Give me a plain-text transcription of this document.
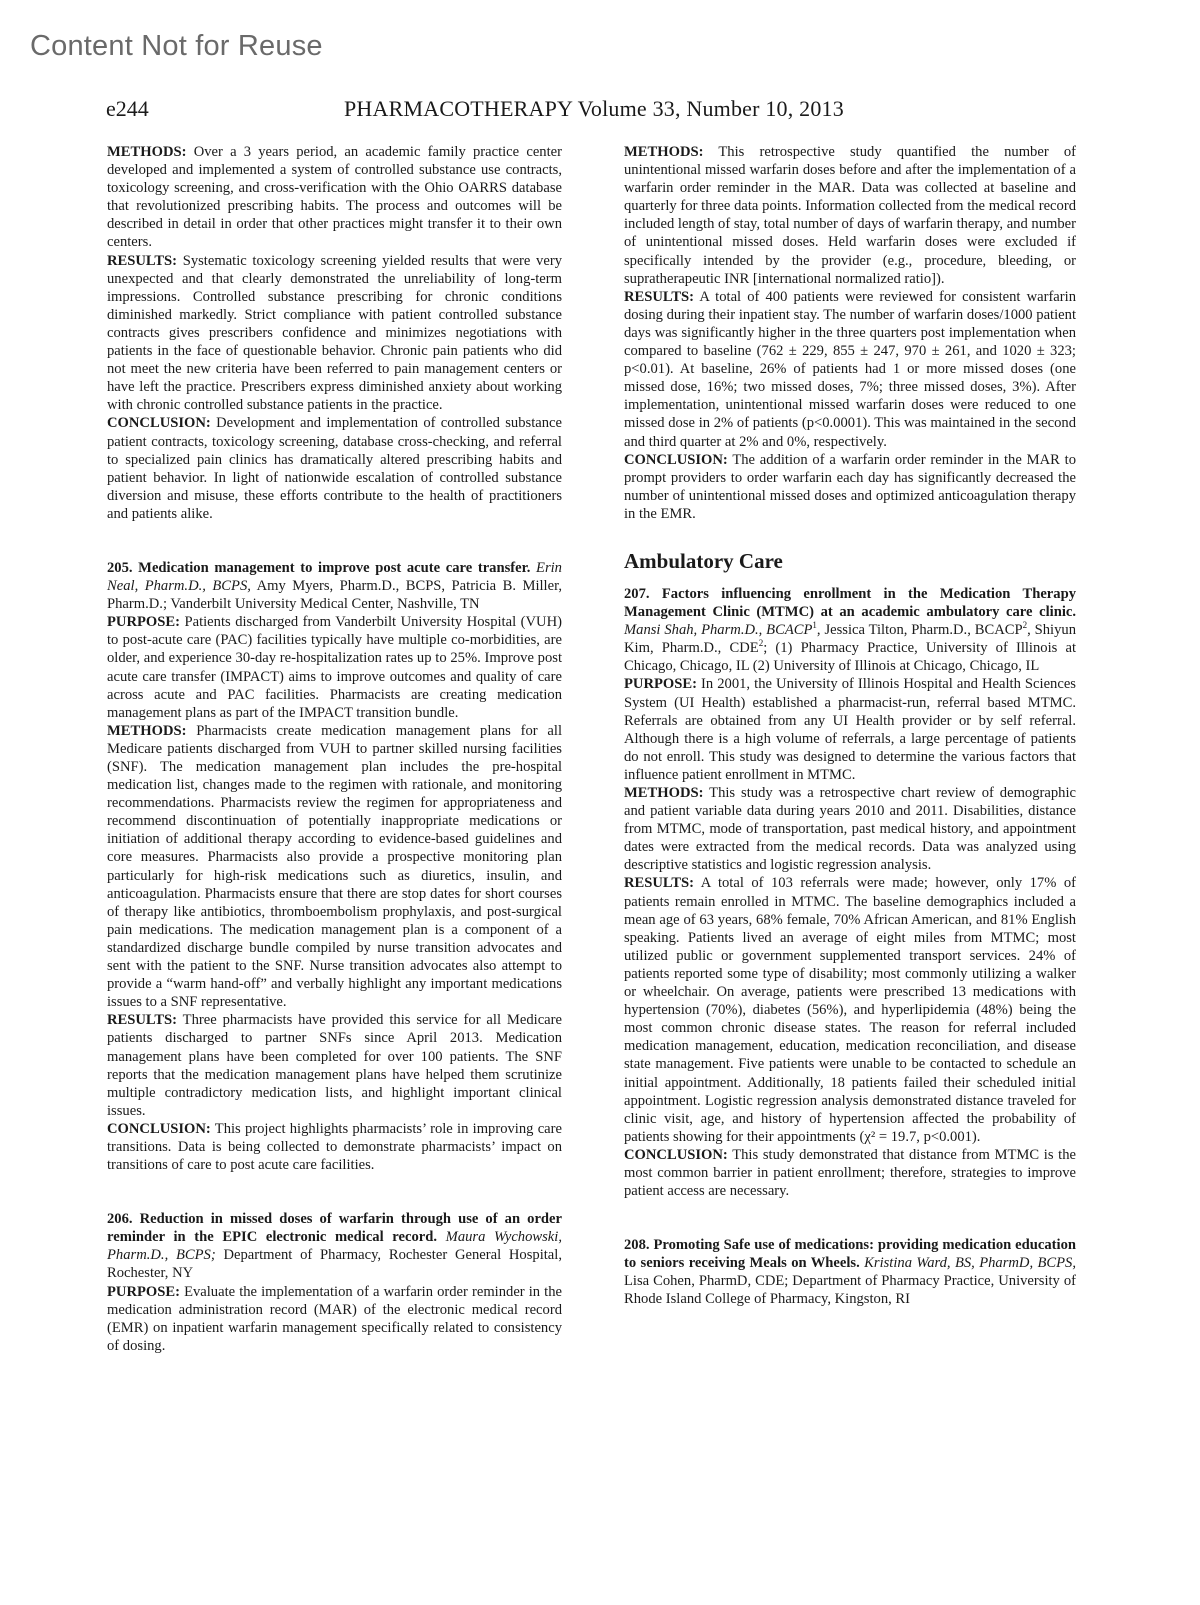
Content Not for Reuse
e244	PHARMACOTHERAPY Volume 33, Number 10, 2013

METHODS: Over a 3 years period, an academic family practice center developed and implemented a system of controlled substance use contracts, toxicology screening, and cross-verification with the Ohio OARRS database that revolutionized prescribing habits. The process and outcomes will be described in detail in order that other practices might transfer it to their own centers.

RESULTS: Systematic toxicology screening yielded results that were very unexpected and that clearly demonstrated the unreliability of long-term impressions. Controlled substance prescribing for chronic conditions diminished markedly. Strict compliance with patient controlled substance contracts gives prescribers confidence and minimizes negotiations with patients in the face of questionable behavior. Chronic pain patients who did not meet the new criteria have been referred to pain management centers or have left the practice. Prescribers express diminished anxiety about working with chronic controlled substance patients in the practice.

CONCLUSION: Development and implementation of controlled substance patient contracts, toxicology screening, database cross-checking, and referral to specialized pain clinics has dramatically altered prescribing habits and patient behavior. In light of nationwide escalation of controlled substance diversion and misuse, these efforts contribute to the health of practitioners and patients alike.

205. Medication management to improve post acute care transfer. Erin Neal, Pharm.D., BCPS, Amy Myers, Pharm.D., BCPS, Patricia B. Miller, Pharm.D.; Vanderbilt University Medical Center, Nashville, TN

PURPOSE: Patients discharged from Vanderbilt University Hospital (VUH) to post-acute care (PAC) facilities typically have multiple co-morbidities, are older, and experience 30-day re-hospitalization rates up to 25%. Improve post acute care transfer (IMPACT) aims to improve outcomes and quality of care across acute and PAC facilities. Pharmacists are creating medication management plans as part of the IMPACT transition bundle.

METHODS: Pharmacists create medication management plans for all Medicare patients discharged from VUH to partner skilled nursing facilities (SNF). The medication management plan includes the pre-hospital medication list, changes made to the regimen with rationale, and monitoring recommendations. Pharmacists review the regimen for appropriateness and recommend discontinuation of potentially inappropriate medications or initiation of additional therapy according to evidence-based guidelines and core measures. Pharmacists also provide a prospective monitoring plan particularly for high-risk medications such as diuretics, insulin, and anticoagulation. Pharmacists ensure that there are stop dates for short courses of therapy like antibiotics, thromboembolism prophylaxis, and post-surgical pain medications. The medication management plan is a component of a standardized discharge bundle compiled by nurse transition advocates and sent with the patient to the SNF. Nurse transition advocates also attempt to provide a “warm hand-off” and verbally highlight any important medications issues to a SNF representative.

RESULTS: Three pharmacists have provided this service for all Medicare patients discharged to partner SNFs since April 2013. Medication management plans have been completed for over 100 patients. The SNF reports that the medication management plans have helped them scrutinize multiple contradictory medication lists, and highlight important clinical issues.

CONCLUSION: This project highlights pharmacists’ role in improving care transitions. Data is being collected to demonstrate pharmacists’ impact on transitions of care to post acute care facilities.

206. Reduction in missed doses of warfarin through use of an order reminder in the EPIC electronic medical record. Maura Wychowski, Pharm.D., BCPS; Department of Pharmacy, Rochester General Hospital, Rochester, NY

PURPOSE: Evaluate the implementation of a warfarin order reminder in the medication administration record (MAR) of the electronic medical record (EMR) on inpatient warfarin management specifically related to consistency of dosing.

METHODS: This retrospective study quantified the number of unintentional missed warfarin doses before and after the implementation of a warfarin order reminder in the MAR. Data was collected at baseline and quarterly for three data points. Information collected from the medical record included length of stay, total number of days of warfarin therapy, and number of unintentional missed doses. Held warfarin doses were excluded if specifically intended by the provider (e.g., procedure, bleeding, or supratherapeutic INR [international normalized ratio]).

RESULTS: A total of 400 patients were reviewed for consistent warfarin dosing during their inpatient stay. The number of warfarin doses/1000 patient days was significantly higher in the three quarters post implementation when compared to baseline (762 ± 229, 855 ± 247, 970 ± 261, and 1020 ± 323; p<0.01). At baseline, 26% of patients had 1 or more missed doses (one missed dose, 16%; two missed doses, 7%; three missed doses, 3%). After implementation, unintentional missed warfarin doses were reduced to one missed dose in 2% of patients (p<0.0001). This was maintained in the second and third quarter at 2% and 0%, respectively.

CONCLUSION: The addition of a warfarin order reminder in the MAR to prompt providers to order warfarin each day has significantly decreased the number of unintentional missed doses and optimized anticoagulation therapy in the EMR.

Ambulatory Care

207. Factors influencing enrollment in the Medication Therapy Management Clinic (MTMC) at an academic ambulatory care clinic. Mansi Shah, Pharm.D., BCACP$^1$, Jessica Tilton, Pharm.D., BCACP$^2$, Shiyun Kim, Pharm.D., CDE$^2$; (1) Pharmacy Practice, University of Illinois at Chicago, Chicago, IL (2) University of Illinois at Chicago, Chicago, IL

PURPOSE: In 2001, the University of Illinois Hospital and Health Sciences System (UI Health) established a pharmacist-run, referral based MTMC. Referrals are obtained from any UI Health provider or by self referral. Although there is a high volume of referrals, a large percentage of patients do not enroll. This study was designed to determine the various factors that influence patient enrollment in MTMC.

METHODS: This study was a retrospective chart review of demographic and patient variable data during years 2010 and 2011. Disabilities, distance from MTMC, mode of transportation, past medical history, and appointment dates were extracted from the medical records. Data was analyzed using descriptive statistics and logistic regression analysis.

RESULTS: A total of 103 referrals were made; however, only 17% of patients remain enrolled in MTMC. The baseline demographics included a mean age of 63 years, 68% female, 70% African American, and 81% English speaking. Patients lived an average of eight miles from MTMC; most utilized public or government supplemented transport services. 24% of patients reported some type of disability; most commonly utilizing a walker or wheelchair. On average, patients were prescribed 13 medications with hypertension (70%), diabetes (56%), and hyperlipidemia (48%) being the most common chronic disease states. The reason for referral included medication management, education, medication reconciliation, and disease state management. Five patients were unable to be contacted to schedule an initial appointment. Additionally, 18 patients failed their scheduled initial appointment. Logistic regression analysis demonstrated distance traveled for clinic visit, age, and history of hypertension affected the probability of patients showing for their appointments (χ² = 19.7, p<0.001).

CONCLUSION: This study demonstrated that distance from MTMC is the most common barrier in patient enrollment; therefore, strategies to improve patient access are necessary.

208. Promoting Safe use of medications: providing medication education to seniors receiving Meals on Wheels. Kristina Ward, BS, PharmD, BCPS, Lisa Cohen, PharmD, CDE; Department of Pharmacy Practice, University of Rhode Island College of Pharmacy, Kingston, RI
